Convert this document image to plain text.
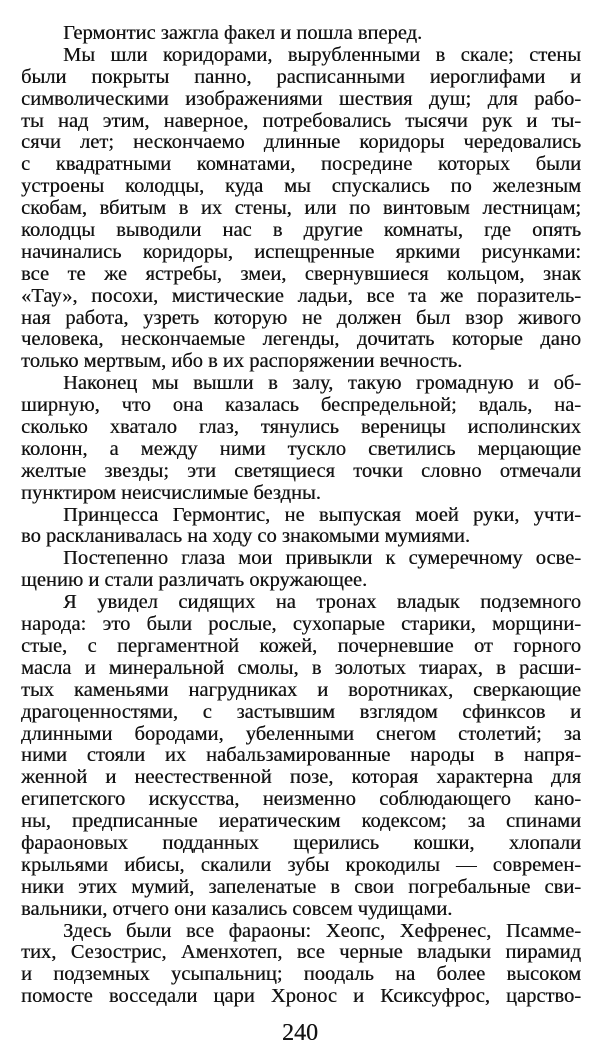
Гермонтис зажгла факел и пошла вперед.
Мы шли коридорами, вырубленными в скале; стены
были покрыты панно, расписанными иероглифами и
символическими изображениями шествия душ; для рабо-
ты над этим, наверное, потребовались тысячи рук и ты-
сячи лет; нескончаемо длинные коридоры чередовались
с квадратными комнатами, посредине которых были
устроены колодцы, куда мы спускались по железным
скобам, вбитым в их стены, или по винтовым лестницам;
колодцы выводили нас в другие комнаты, где опять
начинались коридоры, испещренные яркими рисунками:
все те же ястребы, змеи, свернувшиеся кольцом, знак
«Тау», посохи, мистические ладьи, все та же поразитель-
ная работа, узреть которую не должен был взор живого
человека, нескончаемые легенды, дочитать которые дано
только мертвым, ибо в их распоряжении вечность.
Наконец мы вышли в залу, такую громадную и об-
ширную, что она казалась беспредельной; вдаль, на-
сколько хватало глаз, тянулись вереницы исполинских
колонн, а между ними тускло светились мерцающие
желтые звезды; эти светящиеся точки словно отмечали
пунктиром неисчислимые бездны.
Принцесса Гермонтис, не выпуская моей руки, учти-
во раскланивалась на ходу со знакомыми мумиями.
Постепенно глаза мои привыкли к сумеречному осве-
щению и стали различать окружающее.
Я увидел сидящих на тронах владык подземного
народа: это были рослые, сухопарые старики, морщини-
стые, с пергаментной кожей, почерневшие от горного
масла и минеральной смолы, в золотых тиарах, в расши-
тых каменьями нагрудниках и воротниках, сверкающие
драгоценностями, с застывшим взглядом сфинксов и
длинными бородами, убеленными снегом столетий; за
ними стояли их набальзамированные народы в напря-
женной и неестественной позе, которая характерна для
египетского искусства, неизменно соблюдающего кано-
ны, предписанные иератическим кодексом; за спинами
фараоновых подданных щерились кошки, хлопали
крыльями ибисы, скалили зубы крокодилы — современ-
ники этих мумий, запеленатые в свои погребальные сви-
вальники, отчего они казались совсем чудищами.
Здесь были все фараоны: Хеопс, Хефренес, Псамме-
тих, Сезострис, Аменхотеп, все черные владыки пирамид
и подземных усыпальниц; поодаль на более высоком
помосте восседали цари Хронос и Ксиксуфрос, царство-
240
